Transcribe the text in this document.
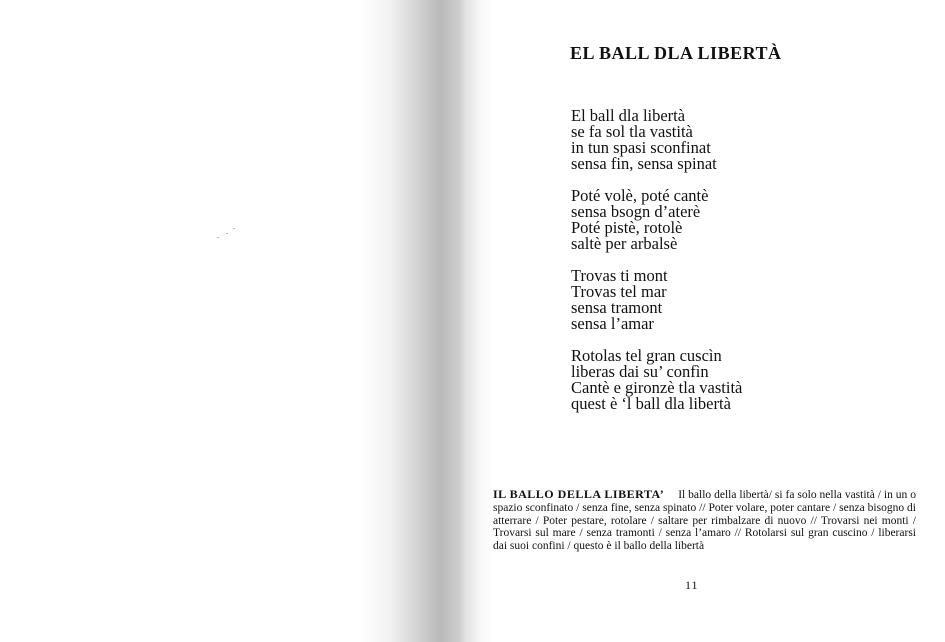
EL BALL DLA LIBERTÀ
El ball dla libertà
se fa sol tla vastità
in tun spasi sconfinat
sensa fin, sensa spinat
Poté volè, poté cantè
sensa bsogn d’aterè
Poté pistè, rotolè
saltè per arbalsè
Trovas ti mont
Trovas tel mar
sensa tramont
sensa l’amar
Rotolas tel gran cuscìn
liberas dai su’ confìn
Cantè e gironzè tla vastità
quest è ‘l ball dla libertà
IL BALLO DELLA LIBERTA’ Il ballo della libertà/ si fa solo nella vastità / in un o spazio sconfinato / senza fine, senza spinato // Poter volare, poter cantare / senza bisogno di atterrare / Poter pestare, rotolare / saltare per rimbalzare di nuovo // Trovarsi nei monti / Trovarsi sul mare / senza tramonti / senza l’amaro // Rotolarsi sul gran cuscino / liberarsi dai suoi confini / questo è il ballo della libertà
11
